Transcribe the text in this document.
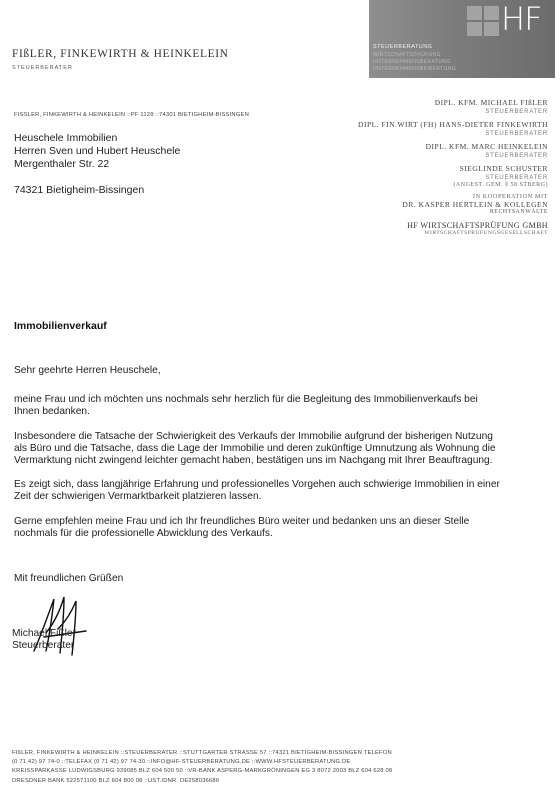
FIßLER, FINKEWIRTH & HEINKELEIN
STEUERBERATER
HF
STEUERBERATUNG
WIRTSCHAFTSPRÜFUNG
UNTERNEHMENSBERATUNG
UNTERNEHMENSBEWERTUNG
FISSLER, FINKEWIRTH & HEINKELEIN ::PF 1128 ::74301 BIETIGHEIM-BISSINGEN
Heuschele Immobilien
Herren Sven und Hubert Heuschele
Mergenthaler Str. 22
74321 Bietigheim-Bissingen
DIPL. KFM. MICHAEL FIßLER
STEUERBERATER
DIPL. FIN.WIRT (FH) HANS-DIETER FINKEWIRTH
STEUERBERATER
DIPL. KFM. MARC HEINKELEIN
STEUERBERATER
SIEGLINDE SCHUSTER
STEUERBERATER
(ANGEST. GEM. § 58 STBERG)
IN KOOPERATION MIT
DR. KASPER HERTLEIN & KOLLEGEN
RECHTSANWÄLTE
HF WIRTSCHAFTSPRÜFUNG GMBH
WIRTSCHAFTSPRÜFUNGSGESELLSCHAFT
Immobilienverkauf

Sehr geehrte Herren Heuschele,

meine Frau und ich möchten uns nochmals sehr herzlich für die Begleitung des Immobilienverkaufs bei Ihnen bedanken.

Insbesondere die Tatsache der Schwierigkeit des Verkaufs der Immobilie aufgrund der bisherigen Nutzung als Büro und die Tatsache, dass die Lage der Immobilie und deren zukünftige Umnutzung als Wohnung die Vermarktung nicht zwingend leichter gemacht haben, bestätigen uns im Nachgang mit Ihrer Beauftragung.

Es zeigt sich, dass langjährige Erfahrung und professionelles Vorgehen auch schwierige Immobilien in einer Zeit der schwierigen Vermarktbarkeit platzieren lassen.

Gerne empfehlen meine Frau und ich Ihr freundliches Büro weiter und bedanken uns an dieser Stelle nochmals für die professionelle Abwicklung des Verkaufs.

Mit freundlichen Grüßen
Michael Fißler
Steuerberater
FIßLER, FINKEWIRTH & HEINKELEIN ::STEUERBERATER ::STUTTGARTER STRASSE 57 ::74321 BIETIGHEIM-BISSINGEN TELEFON
(0 71 42) 97 74-0 ::TELEFAX (0 71 42) 97 74-30 ::INFO@HF-STEUERBERATUNG.DE ::WWW.HFSTEUERBERATUNG.DE
KREISSPARKASSE LUDWIGSBURG 939085 BLZ 604 500 50 ::VR-BANK ASPERG-MARKGRÖNINGEN EG 3 8072 2003 BLZ 604 628 08
DRESDNER BANK 522571100 BLZ 604 800 08 ::UST.IDNR. DE258036686
